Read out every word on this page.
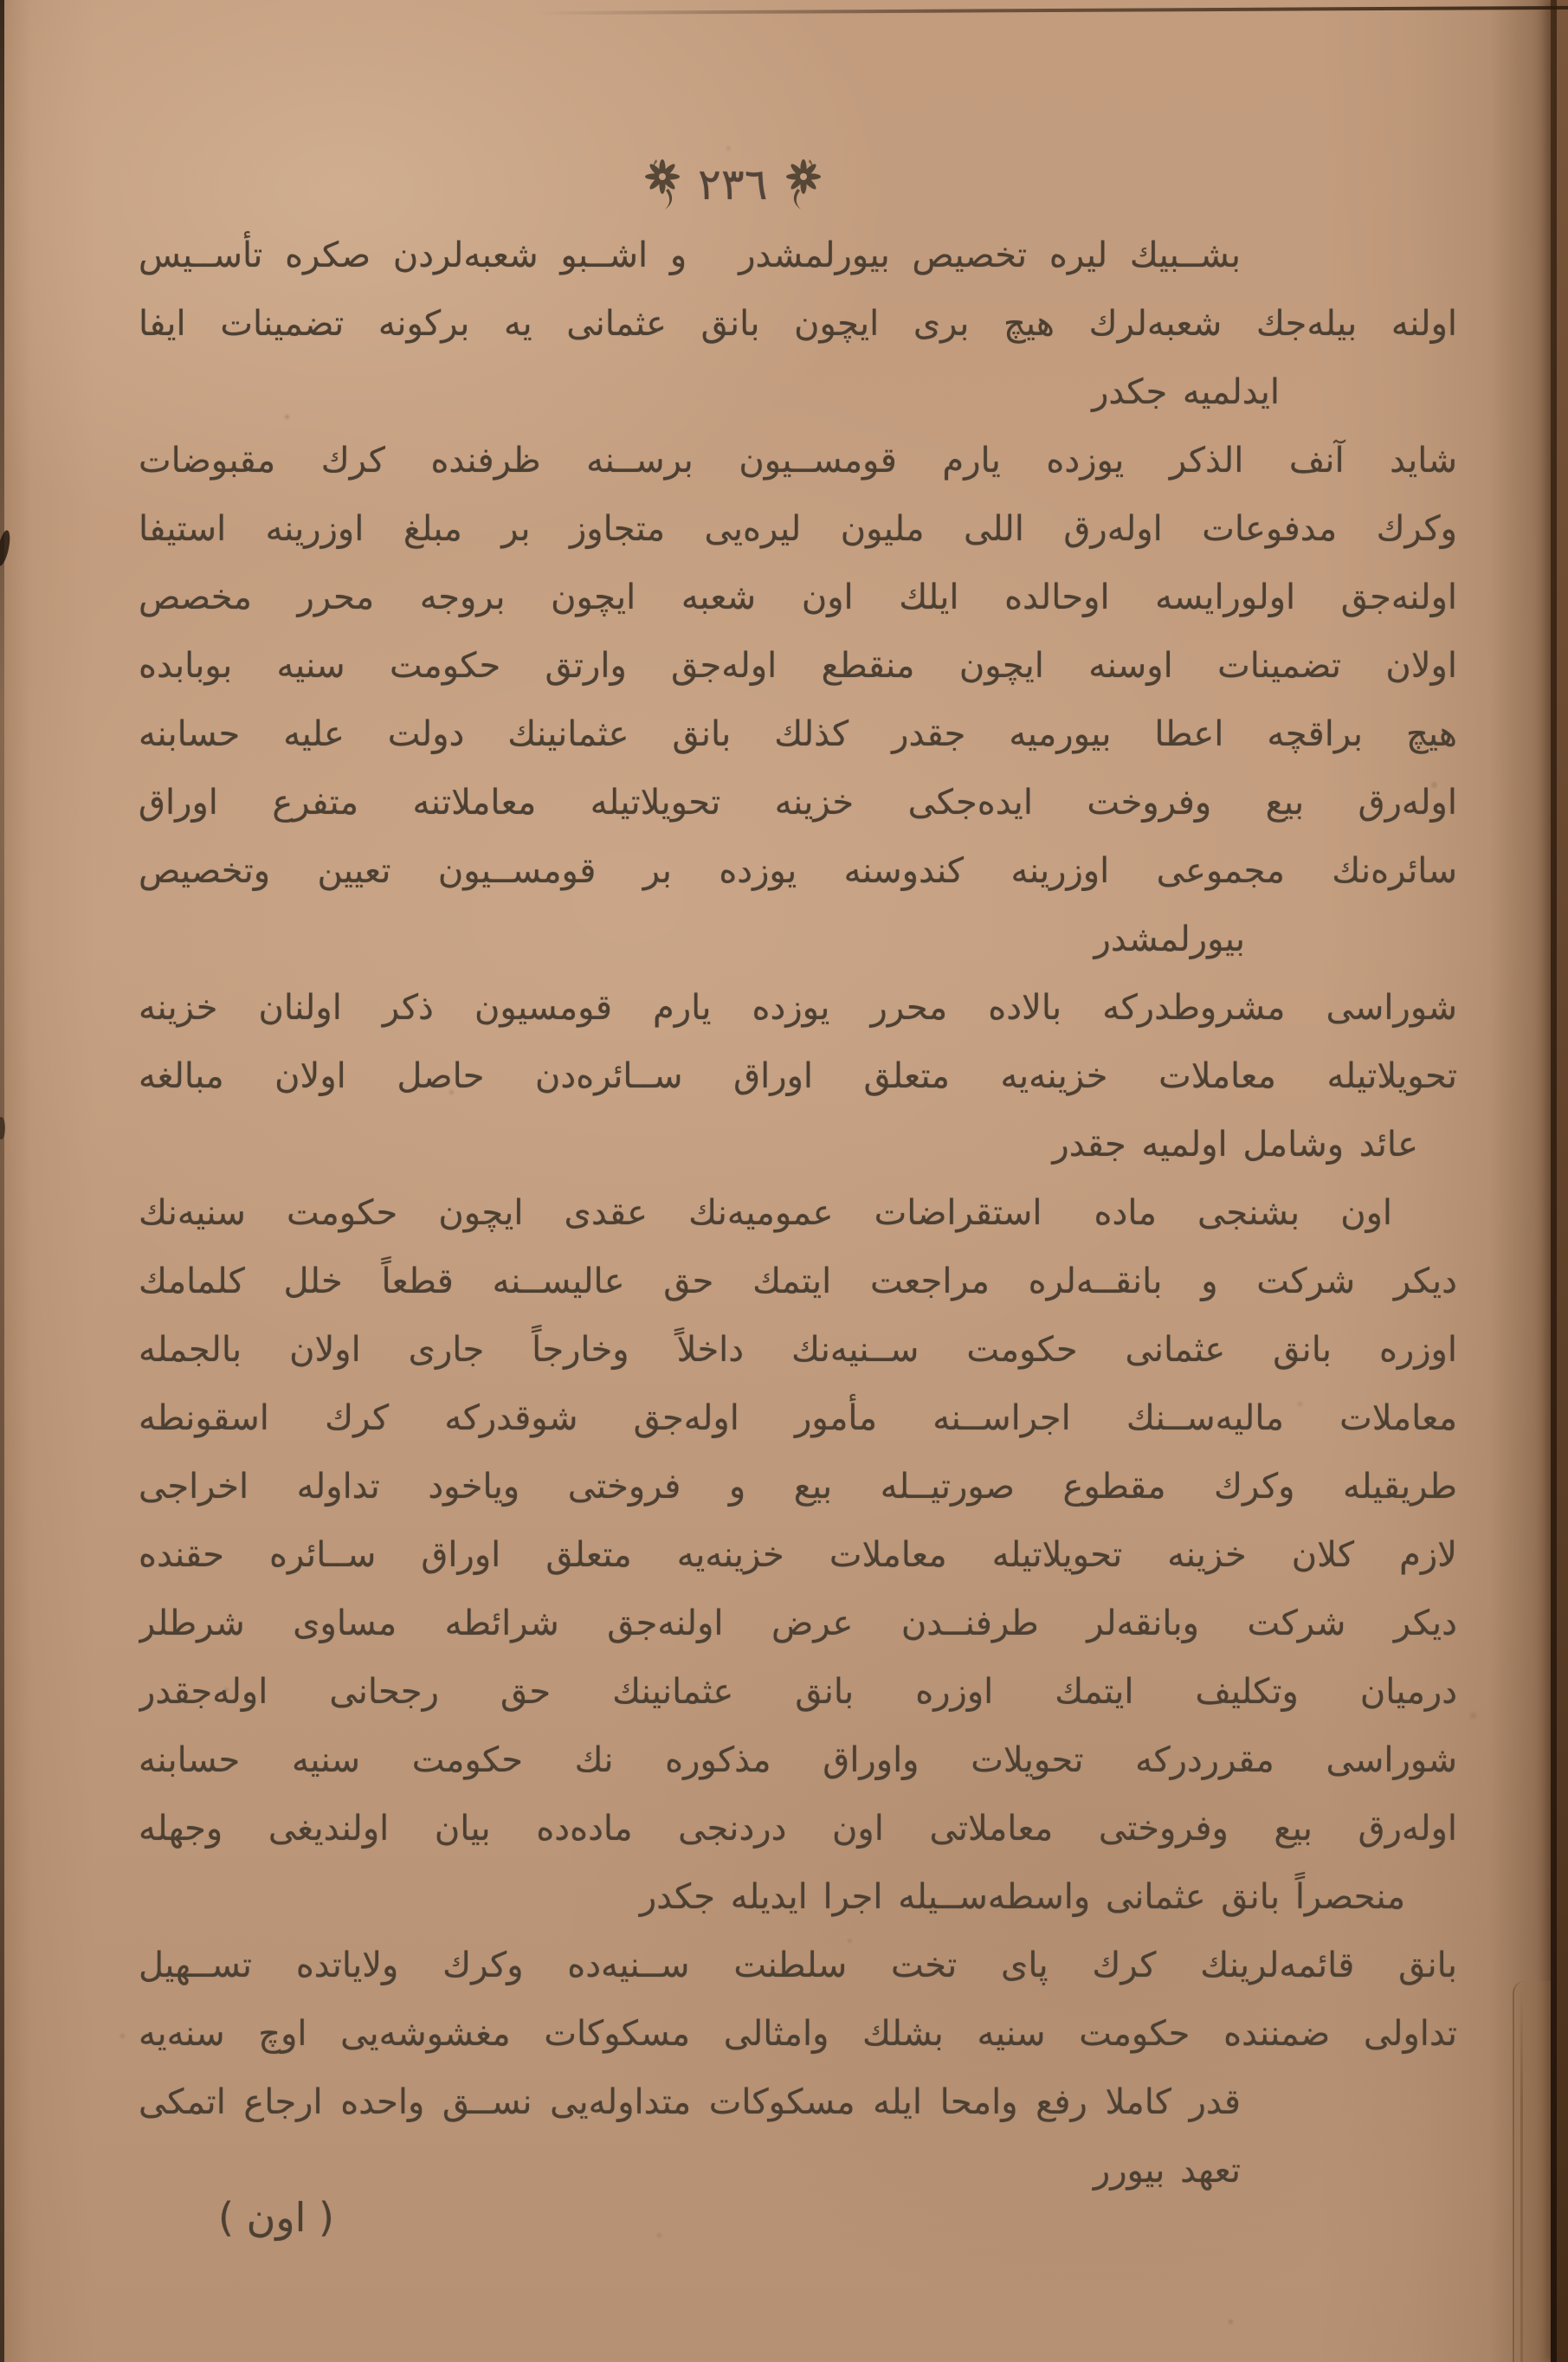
٢٣٦
بشــبيك ليره تخصيص بيورلمشدر  و اشــبو شعبه‌لردن صكره تأســيس
اولنه بيله‌جك شعبه‌لرك هيچ بری ايچون بانق عثمانی يه بركونه تضمينات ايفا
ايدلميه جكدر
شايد آنف الذكر يوزده يارم قومســيون برســنه ظرفنده كرك مقبوضات
وكرك مدفوعات اوله‌رق اللی مليون ليره‌يی متجاوز بر مبلغ اوزرينه استيفا
اولنه‌جق اولورايسه اوحالده ايلك اون شعبه ايچون بروجه محرر مخصص
اولان تضمينات اوسنه ايچون منقطع اوله‌جق وارتق حكومت سنيه بوبابده
هيچ براقچه اعطا بيورميه جقدر كذلك بانق عثمانينك دولت عليه حسابنه
اوله‌رق بيع وفروخت ايده‌جكی خزينه تحويلاتيله معاملاتنه متفرع اوراق
سائره‌نك مجموعی اوزرينه كندوسنه يوزده بر قومســيون تعيين وتخصيص
بيورلمشدر
شوراسی مشروطدركه بالاده محرر يوزده يارم قومسيون ذكر اولنان خزينه
تحويلاتيله معاملات خزينه‌يه متعلق اوراق ســائره‌دن حاصل اولان مبالغه
عائد وشامل اولميه جقدر
اون بشنجی ماده  استقراضات عموميه‌نك عقدی ايچون حكومت سنيه‌نك
ديكر شركت و بانقــه‌لره مراجعت ايتمك حق عاليســنه قطعاً خلل كلمامك
اوزره بانق عثمانی حكومت ســنيه‌نك داخلاً وخارجاً جاری اولان بالجمله
معاملات ماليه‌ســنك اجراســنه مأمور اوله‌جق شوقدركه كرك اسقونطه
طريقيله وكرك مقطوع صورتيــله بيع و فروختی وياخود تداوله اخراجی
لازم كلان خزينه تحويلاتيله معاملات خزينه‌يه متعلق اوراق ســائره حقنده
ديكر شركت وبانقه‌لر طرفنــدن عرض اولنه‌جق شرائطه مساوی شرطلر
درميان وتكليف ايتمك اوزره بانق عثمانينك حق رجحانی اوله‌جقدر
شوراسی مقرردركه تحويلات واوراق مذكوره نك حكومت سنيه حسابنه
اوله‌رق بيع وفروختی معاملاتی اون دردنجی ماده‌ده بيان اولنديغی وجهله
منحصراً بانق عثمانی واسطه‌ســيله اجرا ايديله جكدر
بانق قائمه‌لرينك كرك پای تخت سلطنت ســنيه‌ده وكرك ولاياتده تســهيل
تداولی ضمننده حكومت سنيه بشلك وامثالی مسكوكات مغشوشه‌يی اوچ سنه‌يه
قدر كاملا رفع وامحا ايله مسكوكات متداوله‌يی نســق واحده ارجاع اتمكی
تعهد بيورر
( اون )
